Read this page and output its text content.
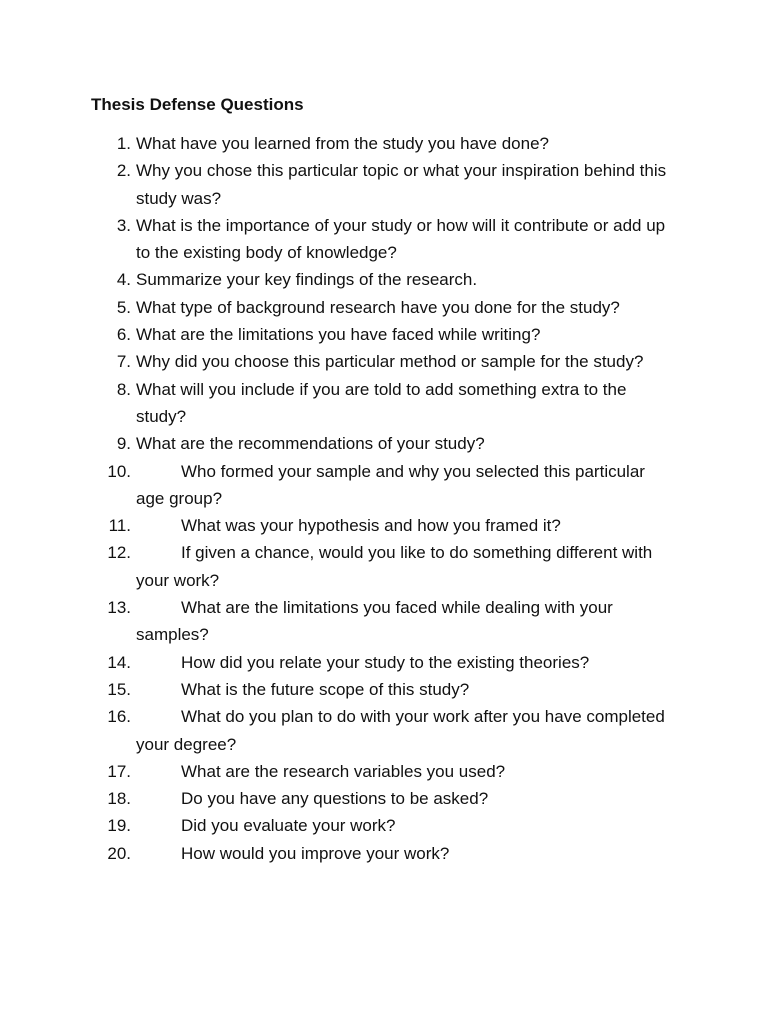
Thesis Defense Questions
1. What have you learned from the study you have done?
2. Why you chose this particular topic or what your inspiration behind this study was?
3. What is the importance of your study or how will it contribute or add up to the existing body of knowledge?
4. Summarize your key findings of the research.
5. What type of background research have you done for the study?
6. What are the limitations you have faced while writing?
7. Why did you choose this particular method or sample for the study?
8. What will you include if you are told to add something extra to the study?
9. What are the recommendations of your study?
10.	Who formed your sample and why you selected this particular age group?
11.	What was your hypothesis and how you framed it?
12.	If given a chance, would you like to do something different with your work?
13.	What are the limitations you faced while dealing with your samples?
14.	How did you relate your study to the existing theories?
15.	What is the future scope of this study?
16.	What do you plan to do with your work after you have completed your degree?
17.	What are the research variables you used?
18.	Do you have any questions to be asked?
19.	Did you evaluate your work?
20.	How would you improve your work?
